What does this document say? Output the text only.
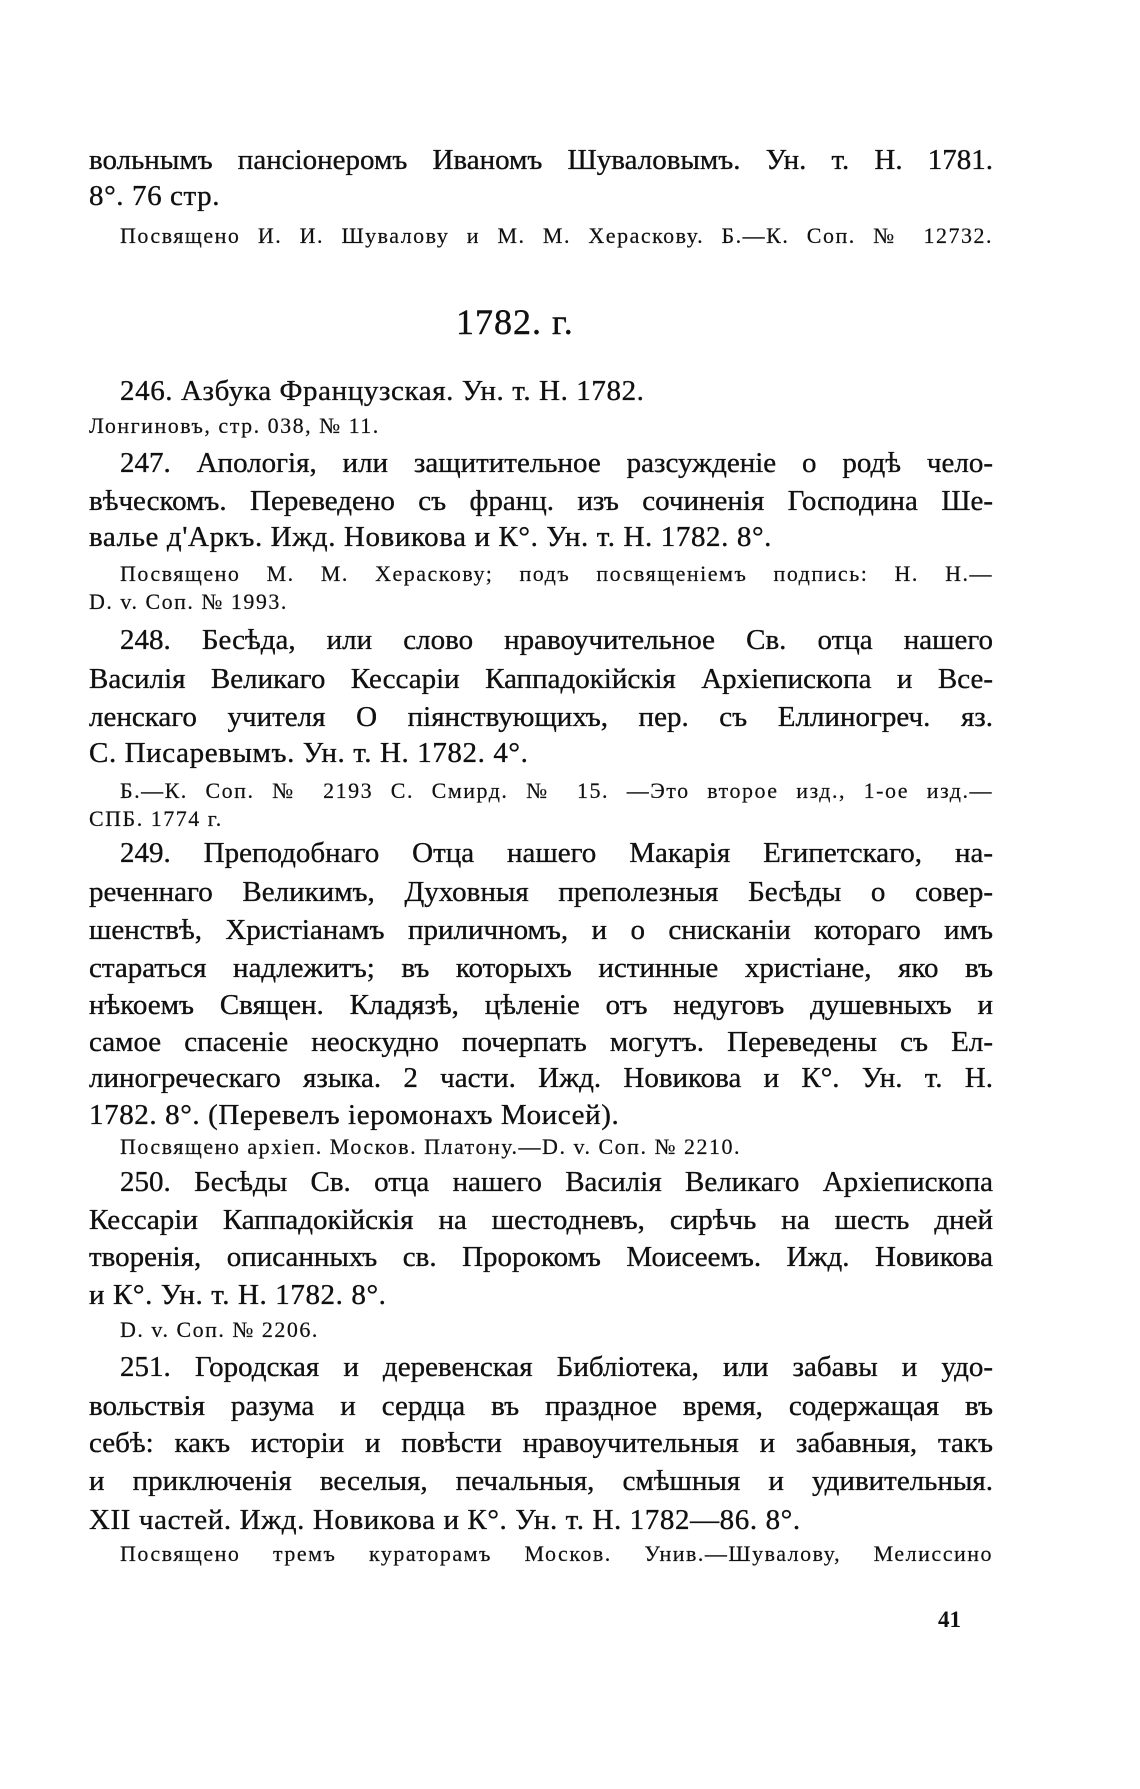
вольнымъ пансіонеромъ Иваномъ Шуваловымъ. Ун. т. Н. 1781.
8°. 76 стр.
Посвящено И. И. Шувалову и М. М. Хераскову. Б.—К. Соп. № 12732.
1782. г.
246. Азбука Французская. Ун. т. Н. 1782.
Лонгиновъ, стр. 038, № 11.
247. Апологія, или защитительное разсужденіе о родѣ чело-
вѣческомъ. Переведено съ франц. изъ сочиненія Господина Ше-
валье д'Аркъ. Ижд. Новикова и К°. Ун. т. Н. 1782. 8°.
Посвящено М. М. Хераскову; подъ посвященіемъ подпись: Н. Н.—
D. v. Соп. № 1993.
248. Бесѣда, или слово нравоучительное Св. отца нашего
Василія Великаго Кессаріи Каппадокійскія Архіепископа и Все-
ленскаго учителя О піянствующихъ, пер. съ Еллиногреч. яз.
С. Писаревымъ. Ун. т. Н. 1782. 4°.
Б.—К. Соп. № 2193 С. Смирд. № 15. —Это второе изд., 1-ое изд.—
СПБ. 1774 г.
249. Преподобнаго Отца нашего Макарія Египетскаго, на-
реченнаго Великимъ, Духовныя преполезныя Бесѣды о совер-
шенствѣ, Христіанамъ приличномъ, и о снисканіи котораго имъ
стараться надлежитъ; въ которыхъ истинные христіане, яко въ
нѣкоемъ Священ. Кладязѣ, цѣленіе отъ недуговъ душевныхъ и
самое спасеніе неоскудно почерпать могутъ. Переведены съ Ел-
линогреческаго языка. 2 части. Ижд. Новикова и К°. Ун. т. Н.
1782. 8°. (Перевелъ іеромонахъ Моисей).
Посвящено архіеп. Москов. Платону.—D. v. Соп. № 2210.
250. Бесѣды Св. отца нашего Василія Великаго Архіепископа
Кессаріи Каппадокійскія на шестодневъ, сирѣчь на шесть дней
творенія, описанныхъ св. Пророкомъ Моисеемъ. Ижд. Новикова
и К°. Ун. т. Н. 1782. 8°.
D. v. Соп. № 2206.
251. Городская и деревенская Библіотека, или забавы и удо-
вольствія разума и сердца въ праздное время, содержащая въ
себѣ: какъ исторіи и повѣсти нравоучительныя и забавныя, такъ
и приключенія веселыя, печальныя, смѣшныя и удивительныя.
XII частей. Ижд. Новикова и К°. Ун. т. Н. 1782—86. 8°.
Посвящено тремъ кураторамъ Москов. Унив.—Шувалову, Мелиссино
41
